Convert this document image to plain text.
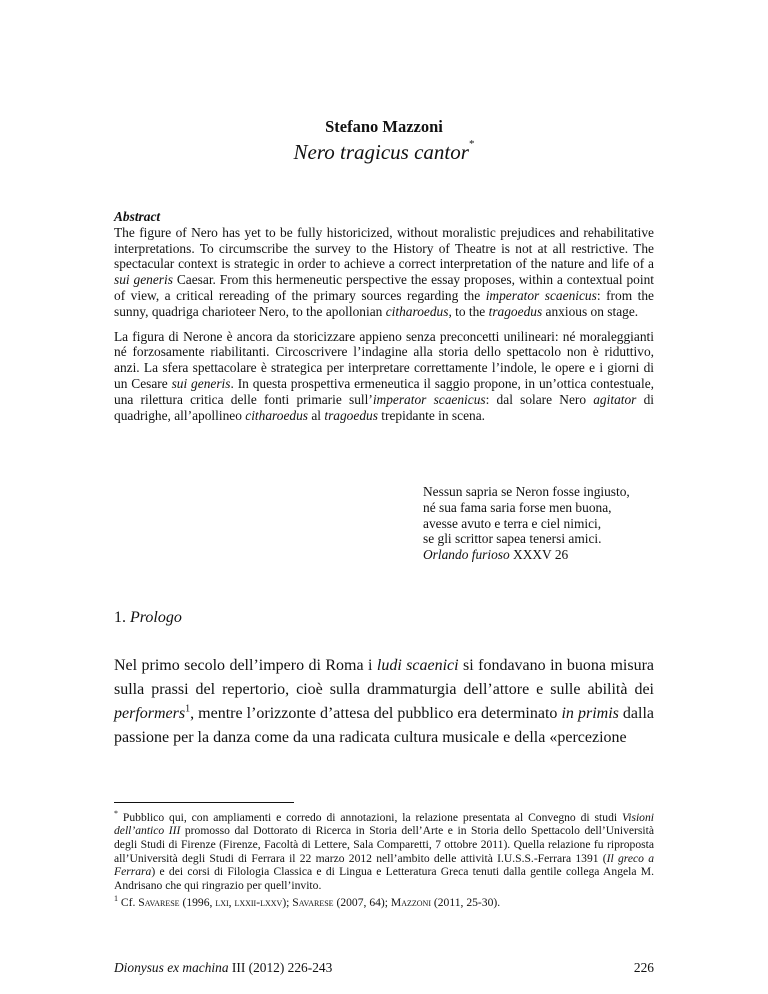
Stefano Mazzoni
Nero tragicus cantor*
Abstract

The figure of Nero has yet to be fully historicized, without moralistic prejudices and rehabilitative interpretations. To circumscribe the survey to the History of Theatre is not at all restrictive. The spectacular context is strategic in order to achieve a correct interpretation of the nature and life of a sui generis Caesar. From this hermeneutic perspective the essay proposes, within a contextual point of view, a critical rereading of the primary sources regarding the imperator scaenicus: from the sunny, quadriga charioteer Nero, to the apollonian citharoedus, to the tragoedus anxious on stage.

La figura di Nerone è ancora da storicizzare appieno senza preconcetti unilineari: né moraleggianti né forzosamente riabilitanti. Circoscrivere l’indagine alla storia dello spettacolo non è riduttivo, anzi. La sfera spettacolare è strategica per interpretare correttamente l’indole, le opere e i giorni di un Cesare sui generis. In questa prospettiva ermeneutica il saggio propone, in un’ottica contestuale, una rilettura critica delle fonti primarie sull’imperator scaenicus: dal solare Nero agitator di quadrighe, all’apollineo citharoedus al tragoedus trepidante in scena.

Nessun sapria se Neron fosse ingiusto,
né sua fama saria forse men buona,
avesse avuto e terra e ciel nimici,
se gli scrittor sapea tenersi amici.
Orlando furioso XXXV 26
1. Prologo

Nel primo secolo dell’impero di Roma i ludi scaenici si fondavano in buona misura sulla prassi del repertorio, cioè sulla drammaturgia dell’attore e sulle abilità dei performers$^1$, mentre l’orizzonte d’attesa del pubblico era determinato in primis dalla passione per la danza come da una radicata cultura musicale e della «percezione

* Pubblico qui, con ampliamenti e corredo di annotazioni, la relazione presentata al Convegno di studi Visioni dell’antico III promosso dal Dottorato di Ricerca in Storia dell’Arte e in Storia dello Spettacolo dell’Università degli Studi di Firenze (Firenze, Facoltà di Lettere, Sala Comparetti, 7 ottobre 2011). Quella relazione fu riproposta all’Università degli Studi di Ferrara il 22 marzo 2012 nell’ambito delle attività I.U.S.S.-Ferrara 1391 (Il greco a Ferrara) e dei corsi di Filologia Classica e di Lingua e Letteratura Greca tenuti dalla gentile collega Angela M. Andrisano che qui ringrazio per quell’invito.

$^1$ Cf. Savarese (1996, lxi, lxxii-lxxv); Savarese (2007, 64); Mazzoni (2011, 25-30).

Dionysus ex machina III (2012) 226-243	226
